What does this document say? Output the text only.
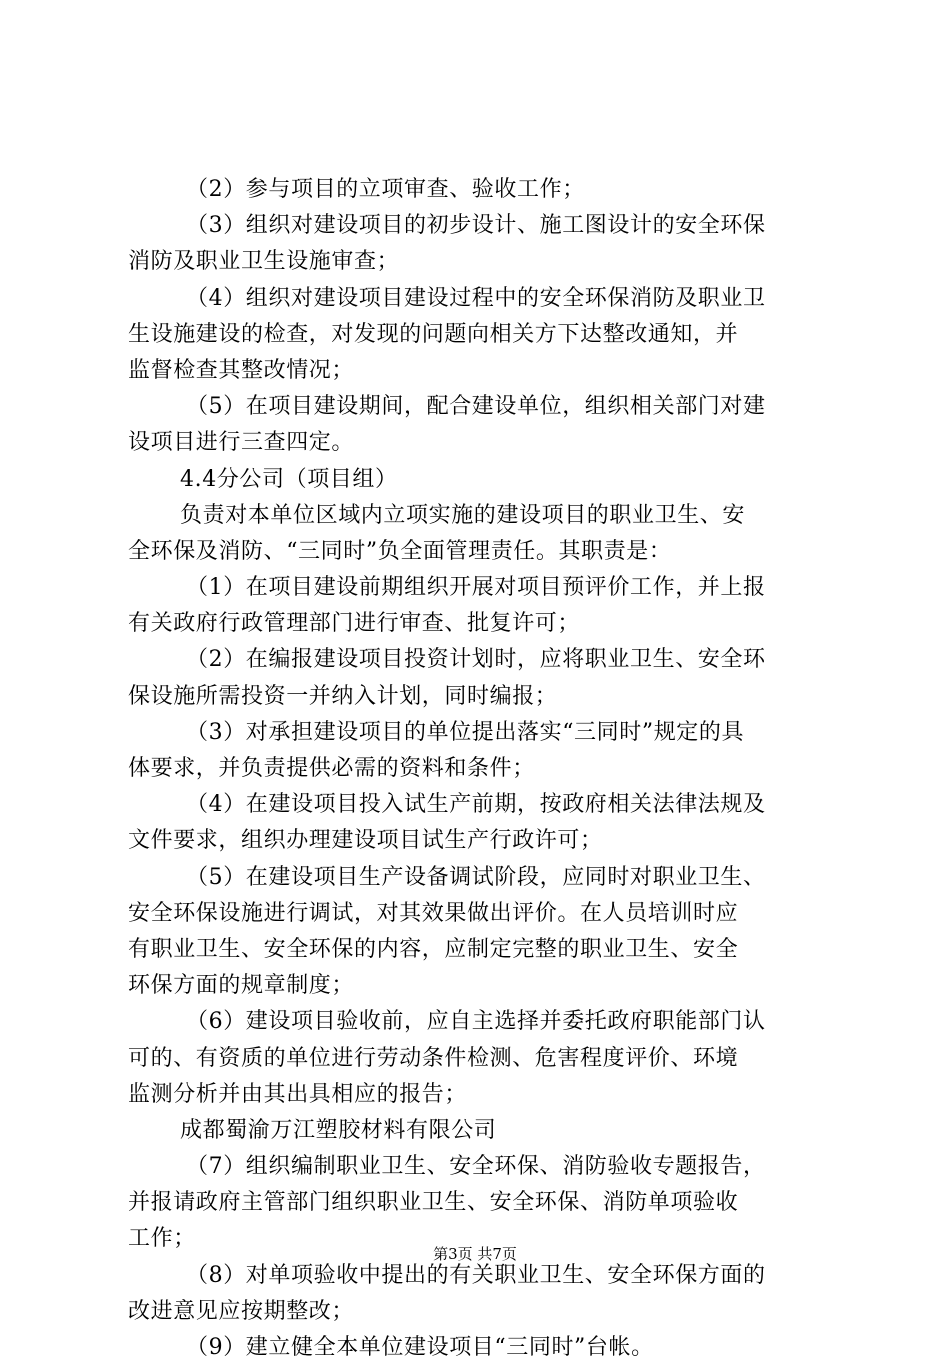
（2）参与项目的立项审查、验收工作；
（3）组织对建设项目的初步设计、施工图设计的安全环保
消防及职业卫生设施审查；
（4）组织对建设项目建设过程中的安全环保消防及职业卫
生设施建设的检查，对发现的问题向相关方下达整改通知，并
监督检查其整改情况；
（5）在项目建设期间，配合建设单位，组织相关部门对建
设项目进行三查四定。
4.4分公司（项目组）
负责对本单位区域内立项实施的建设项目的职业卫生、安
全环保及消防、“三同时”负全面管理责任。其职责是：
（1）在项目建设前期组织开展对项目预评价工作，并上报
有关政府行政管理部门进行审查、批复许可；
（2）在编报建设项目投资计划时，应将职业卫生、安全环
保设施所需投资一并纳入计划，同时编报；
（3）对承担建设项目的单位提出落实“三同时”规定的具
体要求，并负责提供必需的资料和条件；
（4）在建设项目投入试生产前期，按政府相关法律法规及
文件要求，组织办理建设项目试生产行政许可；
（5）在建设项目生产设备调试阶段，应同时对职业卫生、
安全环保设施进行调试，对其效果做出评价。在人员培训时应
有职业卫生、安全环保的内容，应制定完整的职业卫生、安全
环保方面的规章制度；
（6）建设项目验收前，应自主选择并委托政府职能部门认
可的、有资质的单位进行劳动条件检测、危害程度评价、环境
监测分析并由其出具相应的报告；
成都蜀渝万江塑胶材料有限公司
（7）组织编制职业卫生、安全环保、消防验收专题报告，
并报请政府主管部门组织职业卫生、安全环保、消防单项验收
工作；
（8）对单项验收中提出的有关职业卫生、安全环保方面的
改进意见应按期整改；
（9）建立健全本单位建设项目“三同时”台帐。
第3页 共7页
